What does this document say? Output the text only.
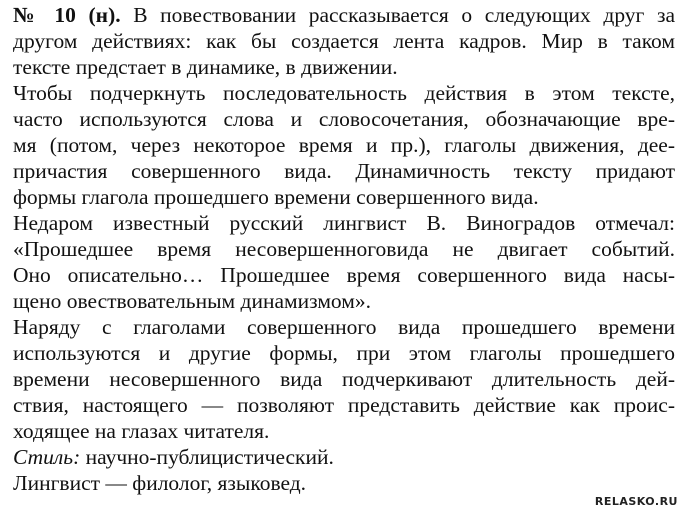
№ 10 (н). В повествовании рассказывается о следующих друг за
другом действиях: как бы создается лента кадров. Мир в таком
тексте предстает в динамике, в движении.
Чтобы подчеркнуть последовательность действия в этом тексте,
часто используются слова и словосочетания, обозначающие вре-
мя (потом, через некоторое время и пр.), глаголы движения, дее-
причастия совершенного вида. Динамичность тексту придают
формы глагола прошедшего времени совершенного вида.
Недаром известный русский лингвист В. Виноградов отмечал:
«Прошедшее время несовершенноговида не двигает событий.
Оно описательно… Прошедшее время совершенного вида насы-
щено овествовательным динамизмом».
Наряду с глаголами совершенного вида прошедшего времени
используются и другие формы, при этом глаголы прошедшего
времени несовершенного вида подчеркивают длительность дей-
ствия, настоящего — позволяют представить действие как проис-
ходящее на глазах читателя.
Стиль: научно-публицистический.
Лингвист — филолог, языковед.
RELASKO.RU
